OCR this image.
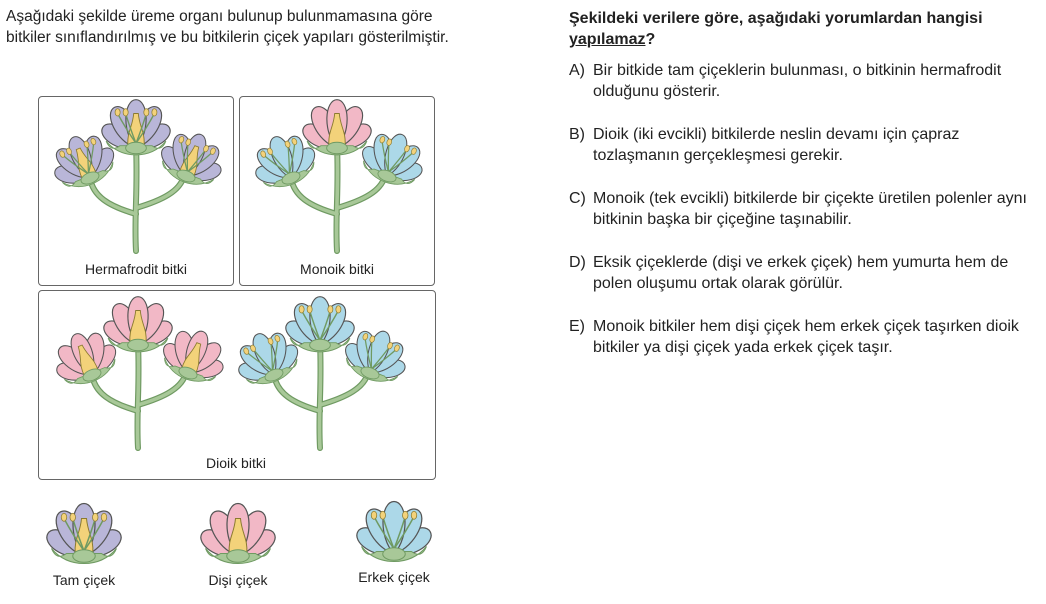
Aşağıdaki şekilde üreme organı bulunup bulunmamasına göre bitkiler sınıflandırılmış ve bu bitkilerin çiçek yapıları gösterilmiştir.
Hermafrodit bitki	Monoik bitki
Dioik bitki
Tam çiçek	Dişi çiçek	Erkek çiçek
Şekildeki verilere göre, aşağıdaki yorumlardan hangisi yapılamaz?
A) Bir bitkide tam çiçeklerin bulunması, o bitkinin hermafrodit olduğunu gösterir.
B) Dioik (iki evcikli) bitkilerde neslin devamı için çapraz tozlaşmanın gerçekleşmesi gerekir.
C) Monoik (tek evcikli) bitkilerde bir çiçekte üretilen polenler aynı bitkinin başka bir çiçeğine taşınabilir.
D) Eksik çiçeklerde (dişi ve erkek çiçek) hem yumurta hem de polen oluşumu ortak olarak görülür.
E) Monoik bitkiler hem dişi çiçek hem erkek çiçek taşırken dioik bitkiler ya dişi çiçek yada erkek çiçek taşır.
